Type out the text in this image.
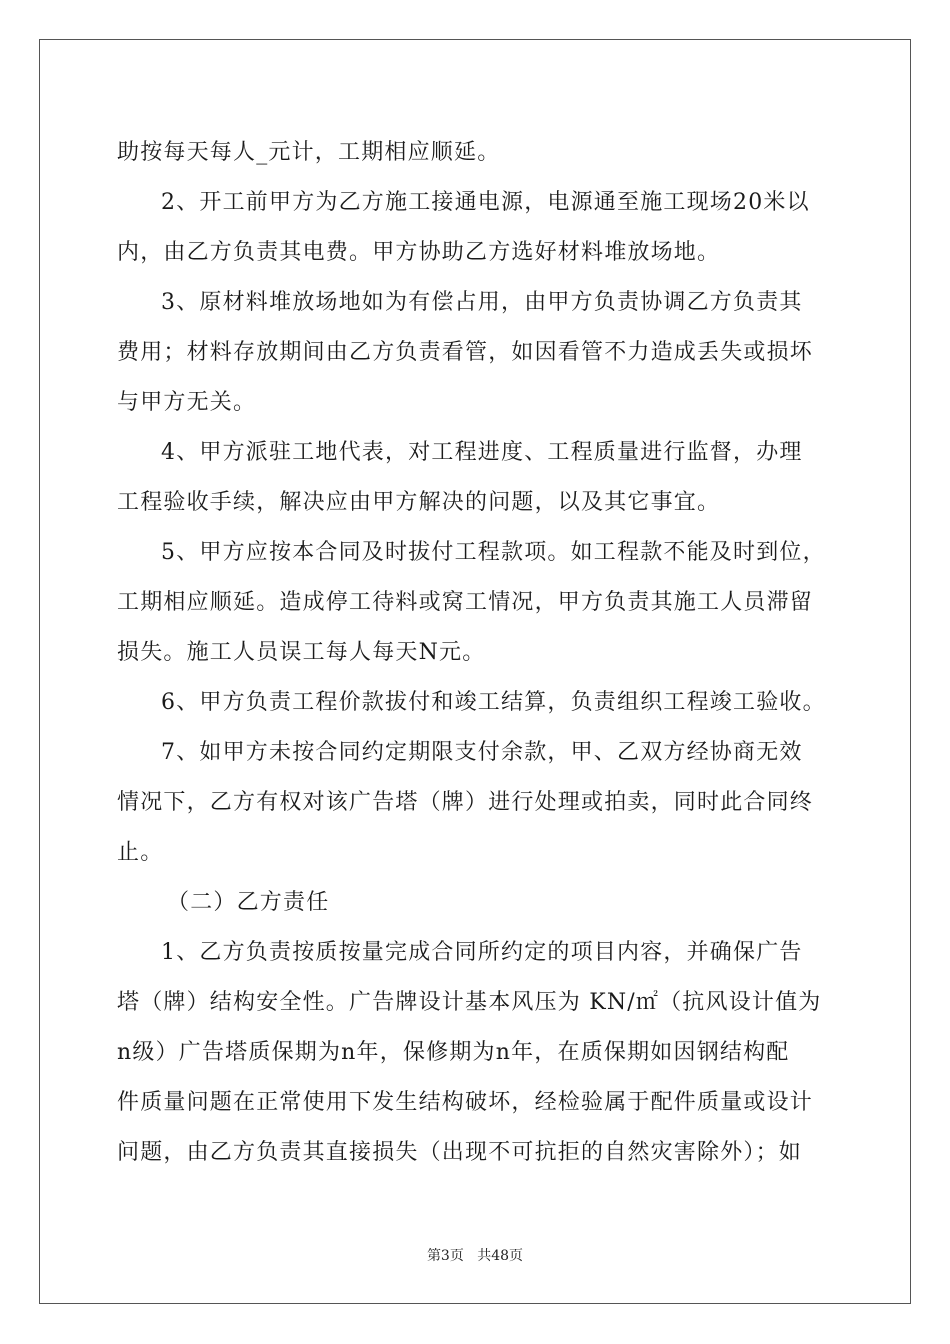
助按每天每人_元计，工期相应顺延。
2、开工前甲方为乙方施工接通电源，电源通至施工现场20米以
内，由乙方负责其电费。甲方协助乙方选好材料堆放场地。
3、原材料堆放场地如为有偿占用，由甲方负责协调乙方负责其
费用；材料存放期间由乙方负责看管，如因看管不力造成丢失或损坏
与甲方无关。
4、甲方派驻工地代表，对工程进度、工程质量进行监督，办理
工程验收手续，解决应由甲方解决的问题，以及其它事宜。
5、甲方应按本合同及时拔付工程款项。如工程款不能及时到位，
工期相应顺延。造成停工待料或窝工情况，甲方负责其施工人员滞留
损失。施工人员误工每人每天N元。
6、甲方负责工程价款拔付和竣工结算，负责组织工程竣工验收。
7、如甲方未按合同约定期限支付余款，甲、乙双方经协商无效
情况下，乙方有权对该广告塔（牌）进行处理或拍卖，同时此合同终
止。
（二）乙方责任
1、乙方负责按质按量完成合同所约定的项目内容，并确保广告
塔（牌）结构安全性。广告牌设计基本风压为 KN/㎡（抗风设计值为
n级）广告塔质保期为n年，保修期为n年，在质保期如因钢结构配
件质量问题在正常使用下发生结构破坏，经检验属于配件质量或设计
问题，由乙方负责其直接损失（出现不可抗拒的自然灾害除外）；如
第3页 共48页
